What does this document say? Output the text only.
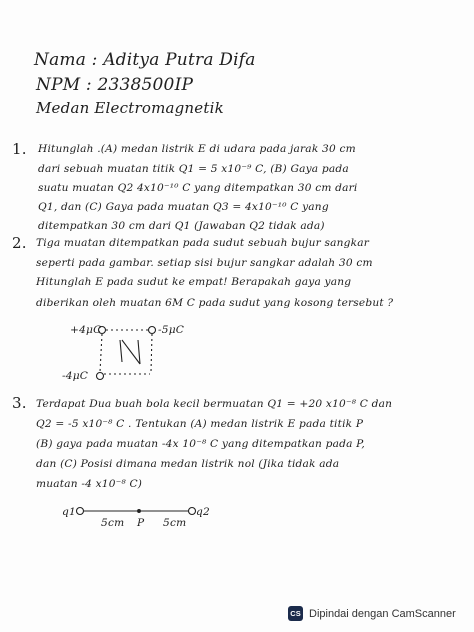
Nama : Aditya Putra Difa
NPM : 2338500IP
Medan Electromagnetik
1. Hitunglah .(A) medan listrik E di udara pada jarak 30 cm
dari sebuah muatan titik Q1 = 5 x10⁻⁹ C, (B) Gaya pada
suatu muatan Q2 4x10⁻¹⁰ C yang ditempatkan 30 cm dari
Q1, dan (C) Gaya pada muatan Q3 = 4x10⁻¹⁰ C yang
ditempatkan 30 cm dari Q1 (Jawaban Q2 tidak ada)
2. Tiga muatan ditempatkan pada sudut sebuah bujur sangkar
seperti pada gambar. setiap sisi bujur sangkar adalah 30 cm
Hitunglah E pada sudut ke empat! Berapakah gaya yang
diberikan oleh muatan 6M C pada sudut yang kosong tersebut ?
+4μC	-5μC
-4μC
3. Terdapat Dua buah bola kecil bermuatan Q1 = +20 x10⁻⁸ C dan
Q2 = -5 x10⁻⁸ C . Tentukan (A) medan listrik E pada titik P
(B) gaya pada muatan -4x 10⁻⁸ C yang ditempatkan pada P,
dan (C) Posisi dimana medan listrik nol (Jika tidak ada
muatan -4 x10⁻⁸ C)
q1	q2
5cm P 5cm
CS Dipindai dengan CamScanner
